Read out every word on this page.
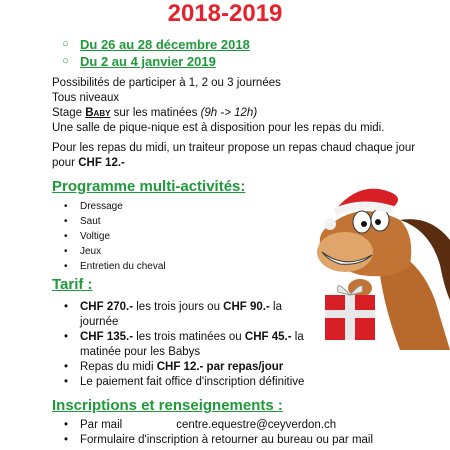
2018-2019
○ Du 26 au 28 décembre 2018
○ Du 2 au 4 janvier 2019
Possibilités de participer à 1, 2 ou 3 journées
Tous niveaux
Stage Baby sur les matinées (9h -> 12h)
Une salle de pique-nique est à disposition pour les repas du midi.
Pour les repas du midi, un traiteur propose un repas chaud chaque jour pour CHF 12.-
Programme multi-activités:
• Dressage
• Saut
• Voltige
• Jeux
• Entretien du cheval
Tarif :
• CHF 270.- les trois jours ou CHF 90.- la journée
• CHF 135.- les trois matinées ou CHF 45.- la matinée pour les Babys
• Repas du midi CHF 12.- par repas/jour
• Le paiement fait office d'inscription définitive
Inscriptions et renseignements :
• Par mail	centre.equestre@ceyverdon.ch
• Formulaire d'inscription à retourner au bureau ou par mail
